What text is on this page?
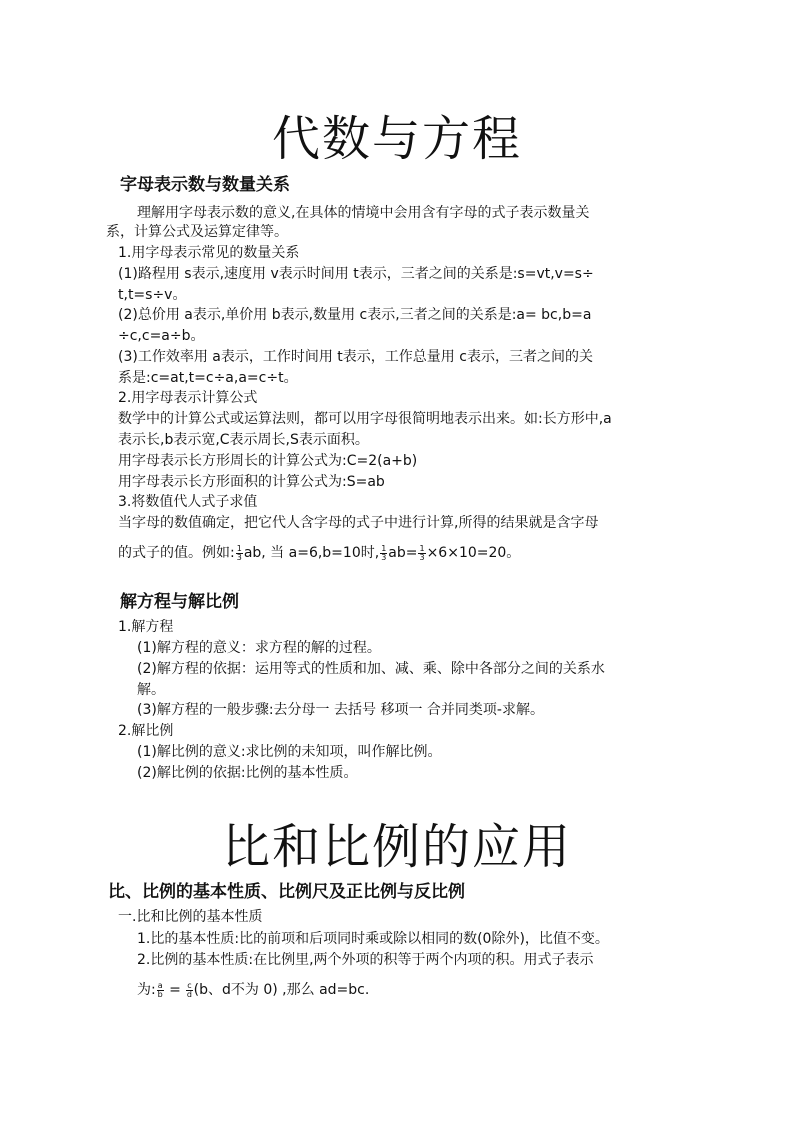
代数与方程
字母表示数与数量关系
理解用字母表示数的意义,在具体的情境中会用含有字母的式子表示数量关
系，计算公式及运算定律等。
1.用字母表示常见的数量关系
(1)路程用 s表示,速度用 v表示时间用 t表示，三者之间的关系是:s=vt,v=s÷
t,t=s÷v。
(2)总价用 a表示,单价用 b表示,数量用 c表示,三者之间的关系是:a= bc,b=a
÷c,c=a÷b。
(3)工作效率用 a表示，工作时间用 t表示，工作总量用 c表示，三者之间的关
系是:c=at,t=c÷a,a=c÷t。
2.用字母表示计算公式
数学中的计算公式或运算法则，都可以用字母很简明地表示出来。如:长方形中,a
表示长,b表示宽,C表示周长,S表示面积。
用字母表示长方形周长的计算公式为:C=2(a+b)
用字母表示长方形面积的计算公式为:S=ab
3.将数值代人式子求值
当字母的数值确定，把它代人含字母的式子中进行计算,所得的结果就是含字母
的式子的值。例如: $\frac{1}{3}$ ab, 当 a=6,b=10时, $\frac{1}{3} ab= \frac{1}{3} \times 6\times 10=20$。
解方程与解比例
1.解方程
(1)解方程的意义：求方程的解的过程。
(2)解方程的依据：运用等式的性质和加、减、乘、除中各部分之间的关系水
解。
(3)解方程的一般步骤:去分母一 去括号 移项一 合并同类项-求解。
2.解比例
(1)解比例的意义:求比例的未知项，叫作解比例。
(2)解比例的依据:比例的基本性质。
比和比例的应用
比、比例的基本性质、比例尺及正比例与反比例
一.比和比例的基本性质
1.比的基本性质:比的前项和后项同时乘或除以相同的数(0除外)，比值不变。
2.比例的基本性质:在比例里,两个外项的积等于两个内项的积。用式子表示
为: $\frac{a}{b} = \frac{c}{d} (b$、d不为 0) ,那么 ad=bc.
